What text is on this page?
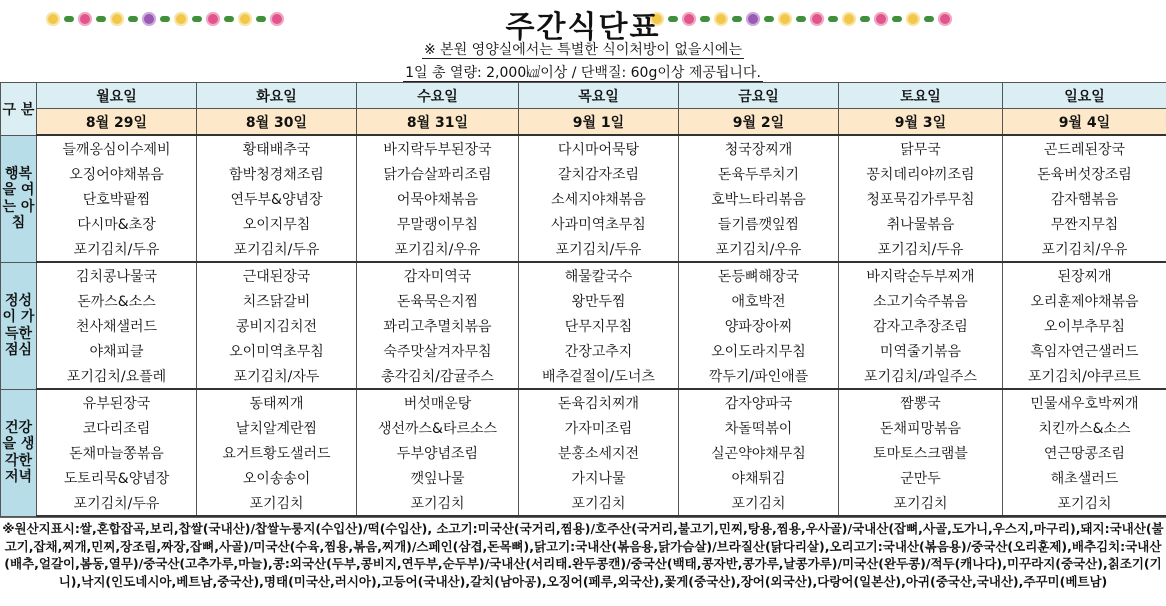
주간식단표
※ 본원 영양실에서는 특별한 식이처방이 없을시에는
1일 총 열량: 2,000㎉이상 / 단백질: 60g이상 제공됩니다.
구 분	월요일	화요일	수요일	목요일	금요일	토요일	일요일
	8월 29일	8월 30일	8월 31일	9월 1일	9월 2일	9월 3일	9월 4일
행복을 여는 아침	들깨옹심이수제비	황태배추국	바지락두부된장국	다시마어묵탕	청국장찌개	닭무국	곤드레된장국
	오징어야채볶음	함박청경채조림	닭가슴살꽈리조림	갈치감자조림	돈육두루치기	꽁치데리야끼조림	돈육버섯장조림
	단호박팥찜	연두부&양념장	어묵야채볶음	소세지야채볶음	호박느타리볶음	청포묵김가루무침	감자햄볶음
	다시마&초장	오이지무침	무말랭이무침	사과미역초무침	들기름깻잎찜	취나물볶음	무짠지무침
	포기김치/두유	포기김치/두유	포기김치/우유	포기김치/두유	포기김치/우유	포기김치/두유	포기김치/우유
정성이 가득한 점심	김치콩나물국	근대된장국	감자미역국	해물칼국수	돈등뼈해장국	바지락순두부찌개	된장찌개
	돈까스&소스	치즈닭갈비	돈육묵은지찜	왕만두찜	애호박전	소고기숙주볶음	오리훈제야채볶음
	천사채샐러드	콩비지김치전	꽈리고추멸치볶음	단무지무침	양파장아찌	감자고추장조림	오이부추무침
	야채피클	오이미역초무침	숙주맛살겨자무침	간장고추지	오이도라지무침	미역줄기볶음	흑임자연근샐러드
	포기김치/요플레	포기김치/자두	총각김치/감귤주스	배추겉절이/도너츠	깍두기/파인애플	포기김치/과일주스	포기김치/야쿠르트
건강을 생각한 저녁	유부된장국	동태찌개	버섯매운탕	돈육김치찌개	감자양파국	짬뽕국	민물새우호박찌개
	코다리조림	날치알계란찜	생선까스&타르소스	가자미조림	차돌떡볶이	돈채피망볶음	치킨까스&소스
	돈채마늘쫑볶음	요거트황도샐러드	두부양념조림	분홍소세지전	실곤약야채무침	토마토스크램블	연근땅콩조림
	도토리묵&양념장	오이송송이	깻잎나물	가지나물	야채튀김	군만두	해초샐러드
	포기김치/두유	포기김치	포기김치	포기김치	포기김치	포기김치	포기김치
※원산지표시:쌀,혼합잡곡,보리,찹쌀(국내산)/찹쌀누룽지(수입산)/떡(수입산), 소고기:미국산(국거리,찜용)/호주산(국거리,불고기,민찌,탕용,찜용,우사골)/국내산(잡뼈,사골,도가니,우스지,마구리),돼지:국내산(불고기,잡채,찌개,민찌,장조림,짜장,잡뼈,사골)/미국산(수육,찜용,볶음,찌개)/스페인(삼겹,돈목뼈),닭고기:국내산(볶음용,닭가슴살)/브라질산(닭다리살),오리고기:국내산(볶음용)/중국산(오리훈제),배추김치:국내산(배추,얼갈이,봄동,열무)/중국산(고추가루,마늘),콩:외국산(두부,콩비지,연두부,순두부)/국내산(서리태.완두콩캔)/중국산(백태,콩자반,콩가루,날콩가루)/미국산(완두콩)/적두(캐나다),미꾸라지(중국산),칡조기(기니),낙지(인도네시아,베트남,중국산),명태(미국산,러시아),고등어(국내산),갈치(남아공),오징어(페루,외국산),꽃게(중국산),장어(외국산),다랑어(일본산),아귀(중국산,국내산),주꾸미(베트남)
